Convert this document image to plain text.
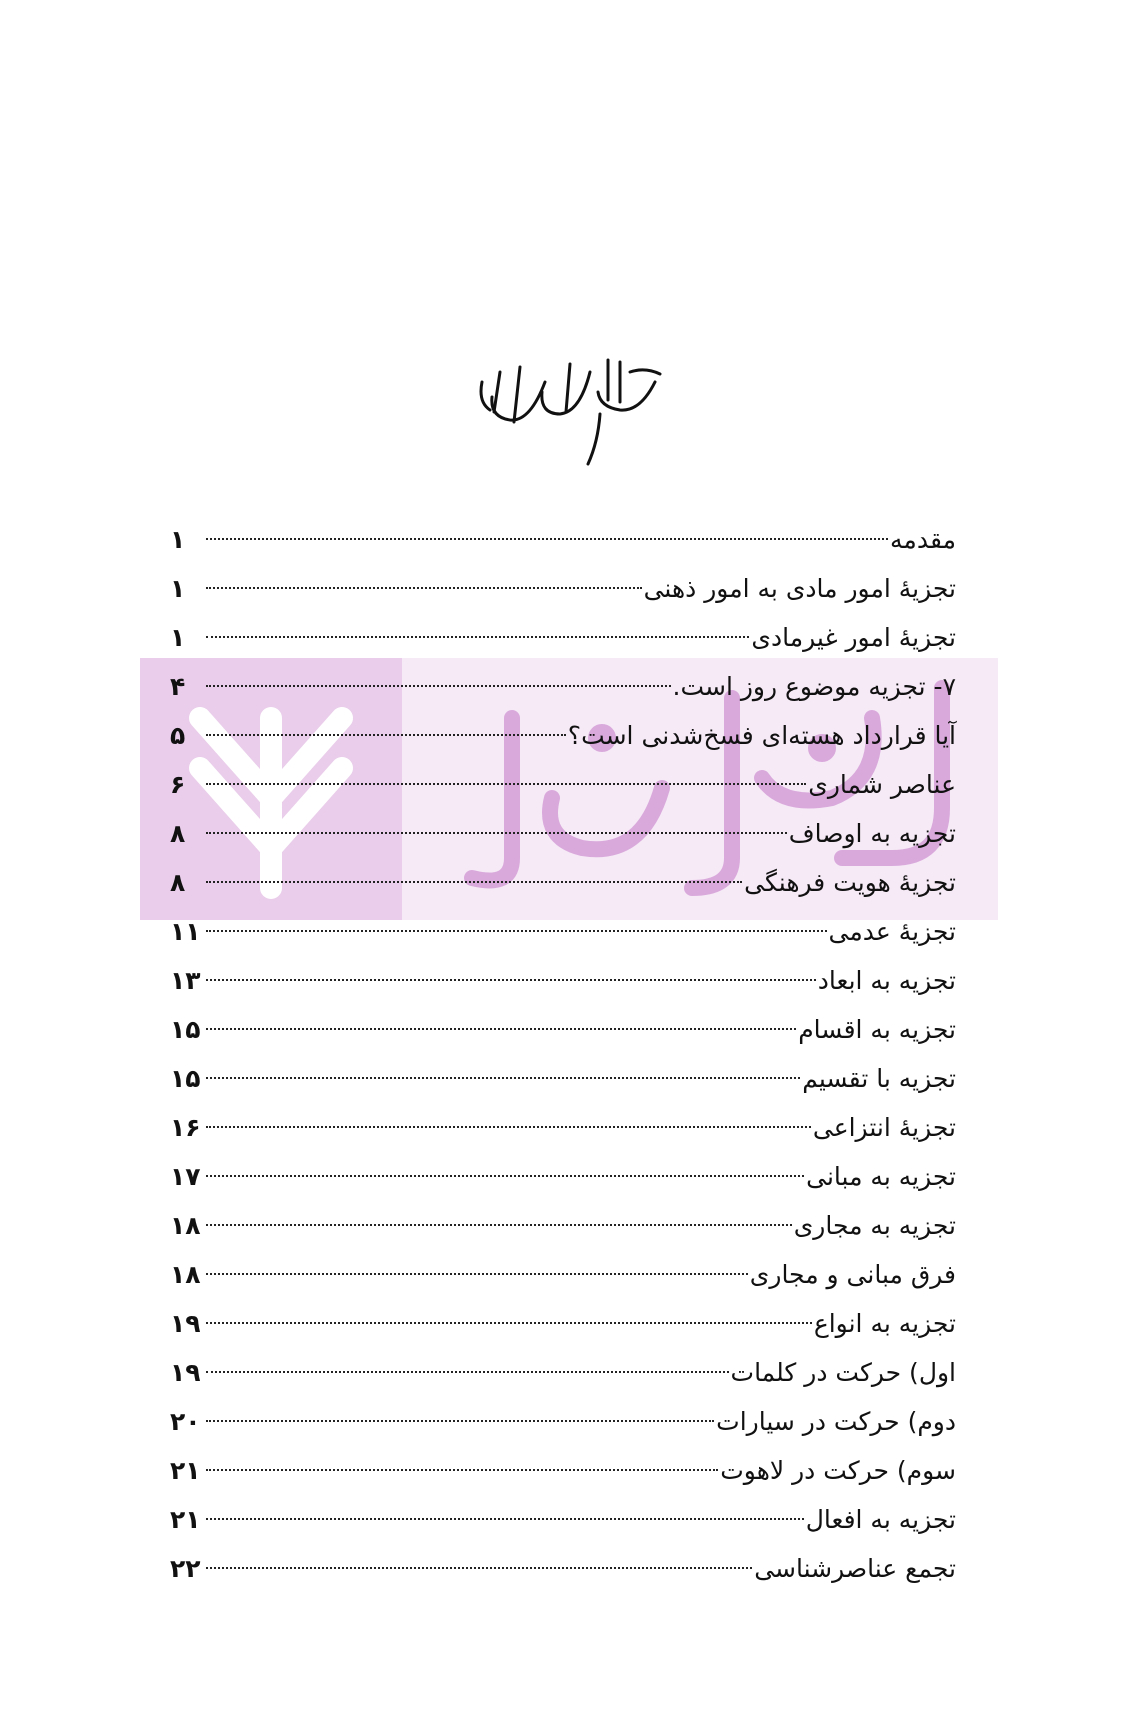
مقدمه
۱
تجزیهٔ امور مادی به امور ذهنی
۱
تجزیهٔ امور غیرمادی
۱
۷- تجزیه موضوع روز است.
۴
آیا قرارداد هسته‌ای فسخ‌شدنی است؟
۵
عناصر شماری
۶
تجزیه به اوصاف
۸
تجزیهٔ هویت فرهنگی
۸
تجزیهٔ عدمی
۱۱
تجزیه به ابعاد
۱۳
تجزیه به اقسام
۱۵
تجزیه با تقسیم
۱۵
تجزیهٔ انتزاعی
۱۶
تجزیه به مبانی
۱۷
تجزیه به مجاری
۱۸
فرق مبانی و مجاری
۱۸
تجزیه به انواع
۱۹
اول) حرکت در کلمات
۱۹
دوم) حرکت در سیارات
۲۰
سوم) حرکت در لاهوت
۲۱
تجزیه به افعال
۲۱
تجمع عناصرشناسی
۲۲
